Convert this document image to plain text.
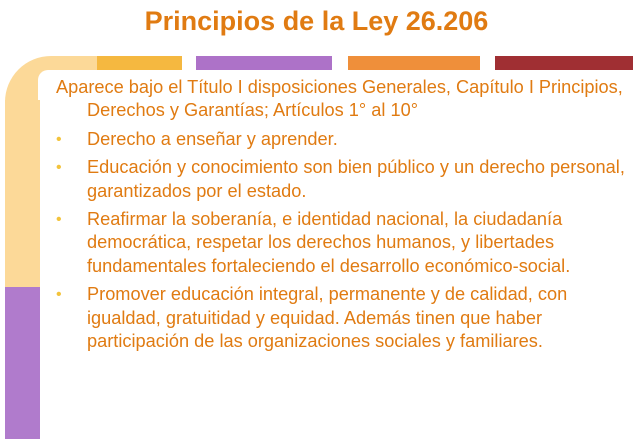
Principios de la Ley 26.206
Aparece bajo el Título I disposiciones Generales, Capítulo I Principios, Derechos y Garantías; Artículos 1° al 10°
• Derecho a enseñar y aprender.
• Educación y conocimiento son bien público y un derecho personal, garantizados por el estado.
• Reafirmar la soberanía, e identidad nacional, la ciudadanía democrática, respetar los derechos humanos, y libertades fundamentales fortaleciendo el desarrollo económico-social.
• Promover educación integral, permanente y de calidad, con igualdad, gratuitidad y equidad. Además tinen que haber participación de las organizaciones sociales y familiares.
